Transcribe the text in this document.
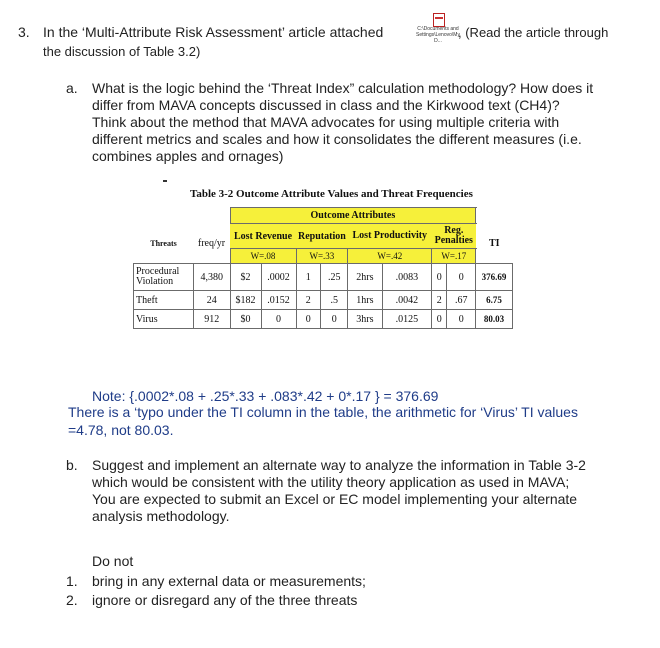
3. In the ‘Multi-Attribute Risk Assessment’ article attached	C:\Documents and Settings\Lenovo\My D...
, (Read the article through
the discussion of Table 3.2)
a. What is the logic behind the ‘Threat Index” calculation methodology? How does it
differ from MAVA concepts discussed in class and the Kirkwood text (CH4)?
Think about the method that MAVA advocates for using multiple criteria with
different metrics and scales and how it consolidates the different measures (i.e.
combines apples and ornages)
Table 3-2 Outcome Attribute Values and Threat Frequencies
		Outcome Attributes								
Threats	freq/yr	Lost Revenue		Reputation		Lost Productivity		Reg. Penalties		TI
		W=.08		W=.33		W=.42		W=.17		
Procedural Violation	4,380	$2	.0002	1	.25	2hrs	.0083	0	0	376.69
Theft	24	$182	.0152	2	.5	1hrs	.0042	2	.67	6.75
Virus	912	$0	0	0	0	3hrs	.0125	0	0	80.03
Note: {.0002*.08 + .25*.33 + .083*.42 + 0*.17 } = 376.69
There is a ‘typo under the TI column in the table, the arithmetic for ‘Virus’ TI values
=4.78, not 80.03.
b. Suggest and implement an alternate way to analyze the information in Table 3-2
which would be consistent with the utility theory application as used in MAVA;
You are expected to submit an Excel or EC model implementing your alternate
analysis methodology.
Do not
1. bring in any external data or measurements;
2. ignore or disregard any of the three threats
